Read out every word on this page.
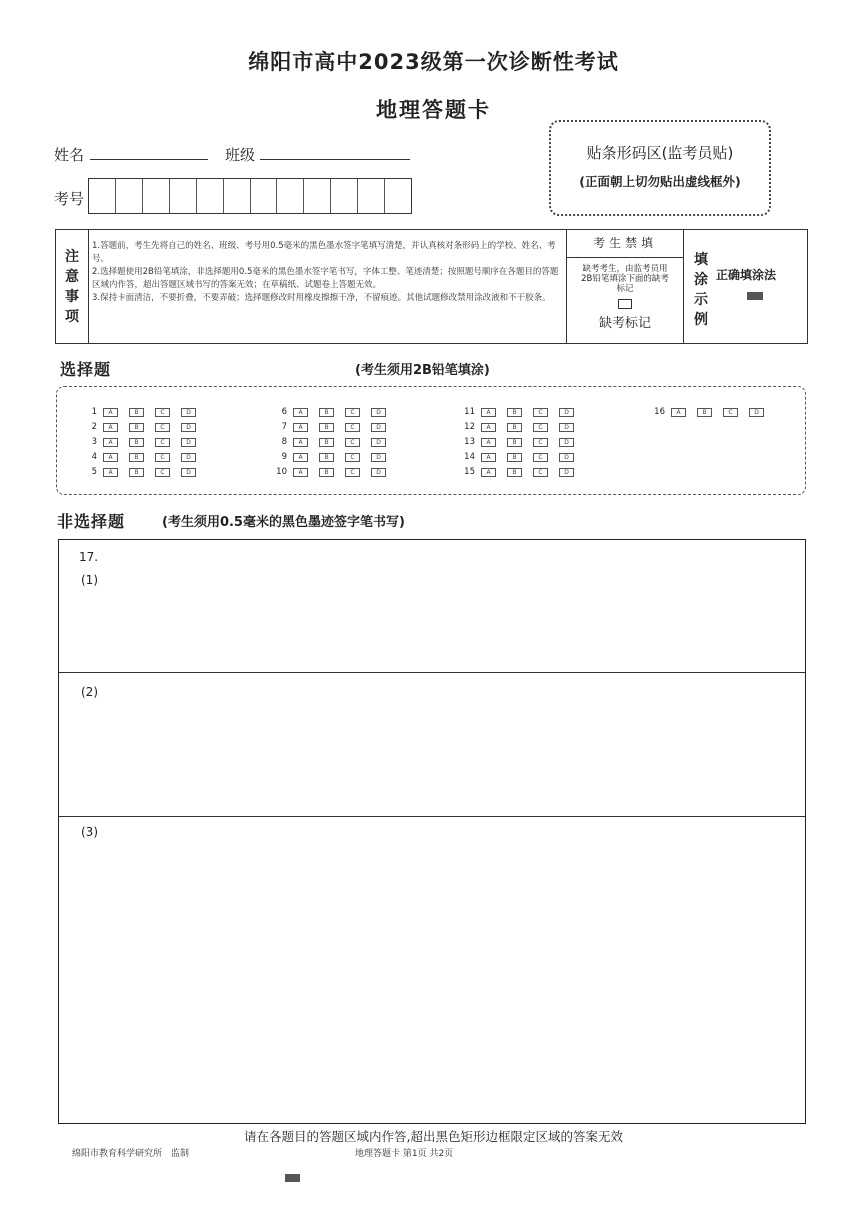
绵阳市高中2023级第一次诊断性考试
地理答题卡
姓名	班级
考号
贴条形码区(监考员贴)
(正面朝上切勿贴出虚线框外)
注
意
事
项
1.答题前，考生先将自己的姓名、班级、考号用0.5毫米的黑色墨水签字笔填写清楚，并认真核对条形码上的学校、姓名、考号。
2.选择题使用2B铅笔填涂，非选择题用0.5毫米的黑色墨水签字笔书写，字体工整、笔迹清楚；按照题号顺序在各题目的答题区域内作答，超出答题区域书写的答案无效；在草稿纸、试题卷上答题无效。
3.保持卡面清洁，不要折叠，不要弄破；选择题修改时用橡皮擦擦干净，不留痕迹。其他试题修改禁用涂改液和不干胶条。
考生禁填
缺考考生，由监考员用2B铅笔填涂下面的缺考标记
缺考标记
填
涂
示
例
正确填涂法
选择题	(考生须用2B铅笔填涂)
1	A	B	C	D
2	A	B	C	D
3	A	B	C	D
4	A	B	C	D
5	A	B	C	D
6	A	B	C	D
7	A	B	C	D
8	A	B	C	D
9	A	B	C	D
10	A	B	C	D
11	A	B	C	D
12	A	B	C	D
13	A	B	C	D
14	A	B	C	D
15	A	B	C	D
16	A	B	C	D
非选择题	(考生须用0.5毫米的黑色墨迹签字笔书写)
17.
(1)
(2)
(3)
请在各题目的答题区域内作答,超出黑色矩形边框限定区域的答案无效
绵阳市教育科学研究所　监制	地理答题卡 第1页 共2页
